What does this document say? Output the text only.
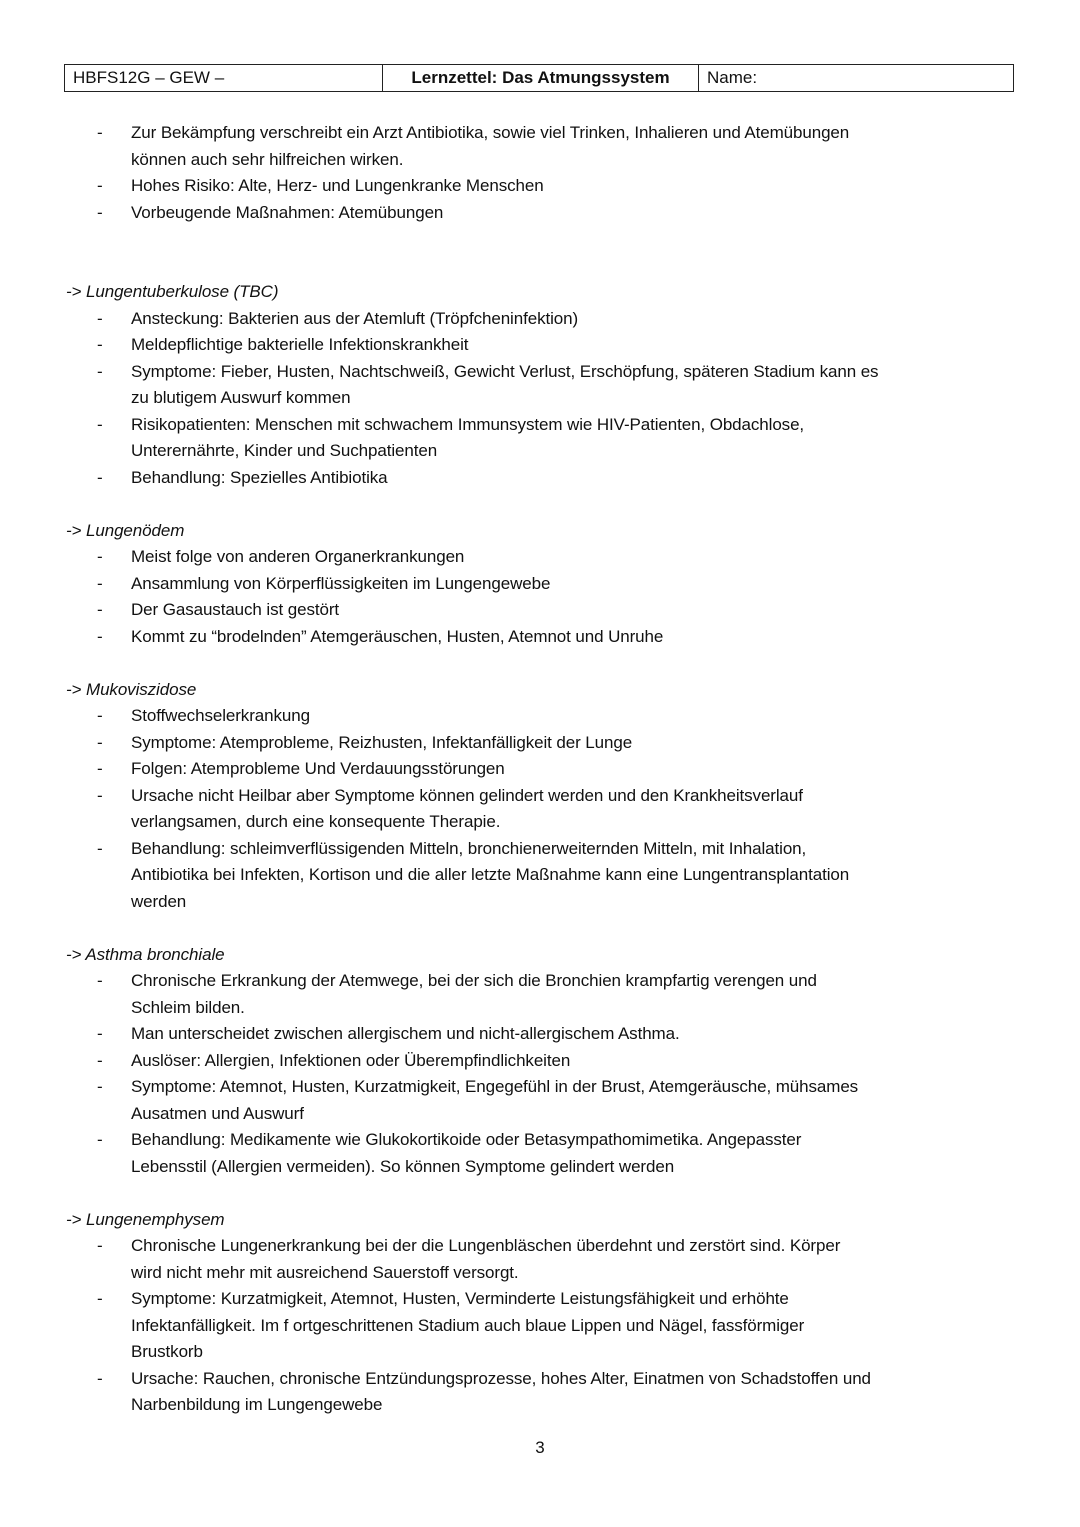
HBFS12G – GEW –	Lernzettel: Das Atmungssystem	Name:
- Zur Bekämpfung verschreibt ein Arzt Antibiotika, sowie viel Trinken, Inhalieren und Atemübungen
können auch sehr hilfreichen wirken.
- Hohes Risiko: Alte, Herz- und Lungenkranke Menschen
- Vorbeugende Maßnahmen: Atemübungen
-> Lungentuberkulose (TBC)
- Ansteckung: Bakterien aus der Atemluft (Tröpfcheninfektion)
- Meldepflichtige bakterielle Infektionskrankheit
- Symptome: Fieber, Husten, Nachtschweiß, Gewicht Verlust, Erschöpfung, späteren Stadium kann es
zu blutigem Auswurf kommen
- Risikopatienten: Menschen mit schwachem Immunsystem wie HIV-Patienten, Obdachlose,
Unterernährte, Kinder und Suchpatienten
- Behandlung: Spezielles Antibiotika
-> Lungenödem
- Meist folge von anderen Organerkrankungen
- Ansammlung von Körperflüssigkeiten im Lungengewebe
- Der Gasaustauch ist gestört
- Kommt zu “brodelnden” Atemgeräuschen, Husten, Atemnot und Unruhe
-> Mukoviszidose
- Stoffwechselerkrankung
- Symptome: Atemprobleme, Reizhusten, Infektanfälligkeit der Lunge
- Folgen: Atemprobleme Und Verdauungsstörungen
- Ursache nicht Heilbar aber Symptome können gelindert werden und den Krankheitsverlauf
verlangsamen, durch eine konsequente Therapie.
- Behandlung: schleimverflüssigenden Mitteln, bronchienerweiternden Mitteln, mit Inhalation,
Antibiotika bei Infekten, Kortison und die aller letzte Maßnahme kann eine Lungentransplantation
werden
-> Asthma bronchiale
- Chronische Erkrankung der Atemwege, bei der sich die Bronchien krampfartig verengen und
Schleim bilden.
- Man unterscheidet zwischen allergischem und nicht-allergischem Asthma.
- Auslöser: Allergien, Infektionen oder Überempfindlichkeiten
- Symptome: Atemnot, Husten, Kurzatmigkeit, Engegefühl in der Brust, Atemgeräusche, mühsames
Ausatmen und Auswurf
- Behandlung: Medikamente wie Glukokortikoide oder Betasympathomimetika. Angepasster
Lebensstil (Allergien vermeiden). So können Symptome gelindert werden
-> Lungenemphysem
- Chronische Lungenerkrankung bei der die Lungenbläschen überdehnt und zerstört sind. Körper
wird nicht mehr mit ausreichend Sauerstoff versorgt.
- Symptome: Kurzatmigkeit, Atemnot, Husten, Verminderte Leistungsfähigkeit und erhöhte
Infektanfälligkeit. Im f ortgeschrittenen Stadium auch blaue Lippen und Nägel, fassförmiger
Brustkorb
- Ursache: Rauchen, chronische Entzündungsprozesse, hohes Alter, Einatmen von Schadstoffen und
Narbenbildung im Lungengewebe
3
